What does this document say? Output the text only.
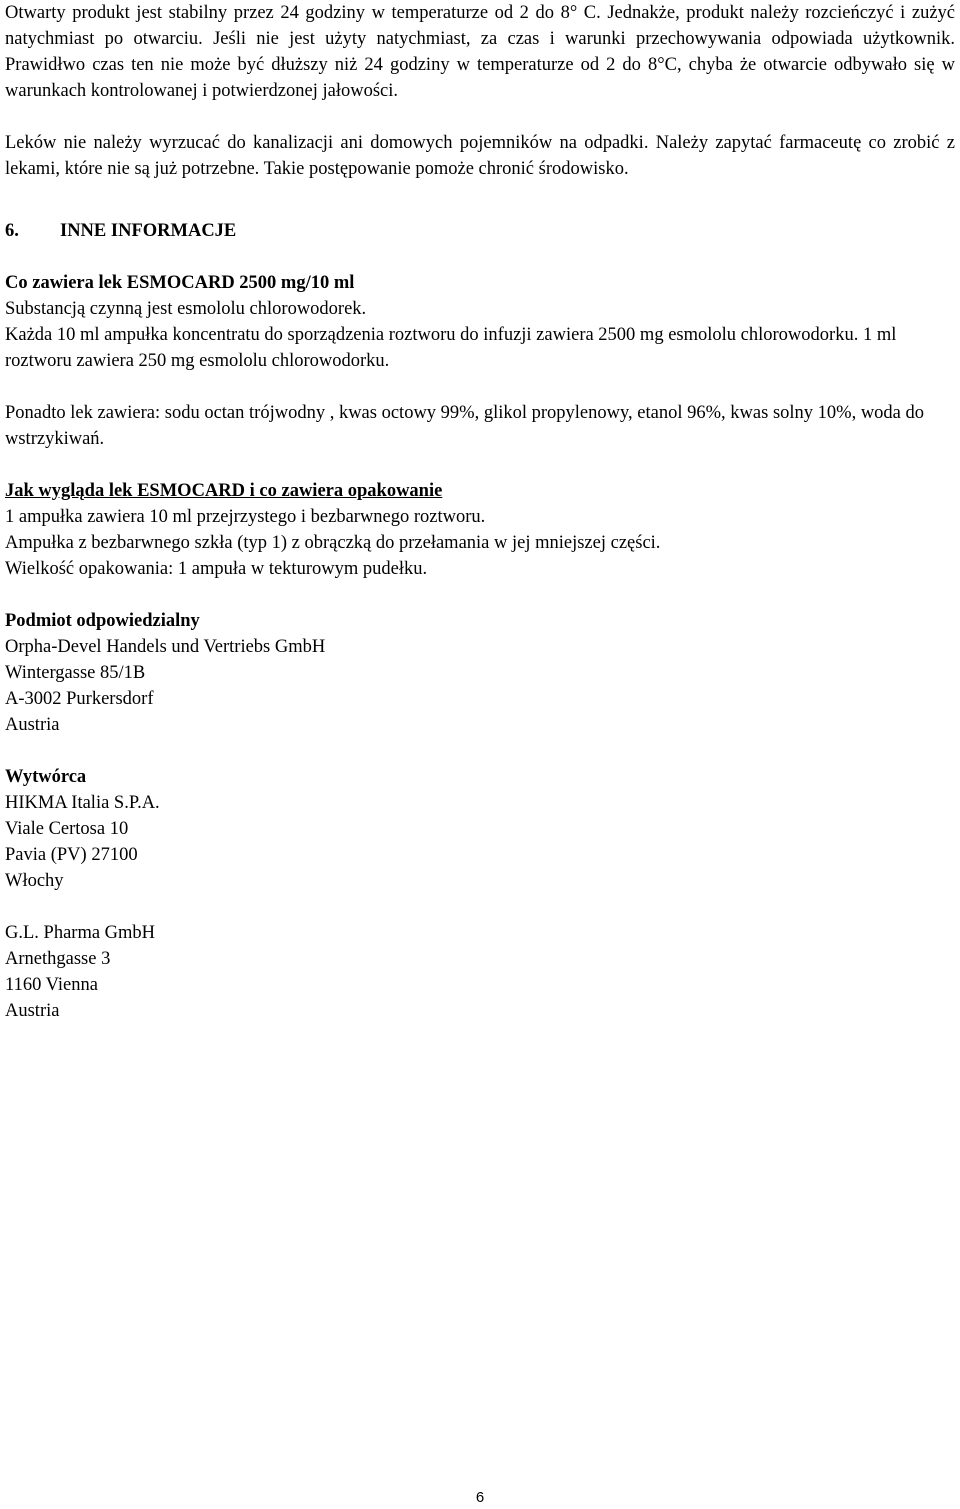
Otwarty produkt jest stabilny przez 24 godziny w temperaturze od 2 do 8° C. Jednakże, produkt należy rozcieńczyć i zużyć natychmiast po otwarciu. Jeśli nie jest użyty natychmiast, za czas i warunki przechowywania odpowiada użytkownik. Prawidłwo czas ten nie może być dłuższy niż 24 godziny w temperaturze od 2 do 8°C, chyba że otwarcie odbywało się w warunkach kontrolowanej i potwierdzonej jałowości.

Leków nie należy wyrzucać do kanalizacji ani domowych pojemników na odpadki. Należy zapytać farmaceutę co zrobić z lekami, które nie są już potrzebne. Takie postępowanie pomoże chronić środowisko.

6.	INNE INFORMACJE

Co zawiera lek ESMOCARD 2500 mg/10 ml

Substancją czynną jest esmololu chlorowodorek.

Każda 10 ml ampułka koncentratu do sporządzenia roztworu do infuzji zawiera 2500 mg esmololu chlorowodorku. 1 ml roztworu zawiera 250 mg esmololu chlorowodorku.

Ponadto lek zawiera: sodu octan trójwodny , kwas octowy 99%, glikol propylenowy, etanol 96%, kwas solny 10%, woda do wstrzykiwań.

Jak wygląda lek ESMOCARD i co zawiera opakowanie

1 ampułka zawiera 10 ml przejrzystego i bezbarwnego roztworu.

Ampułka z bezbarwnego szkła (typ 1) z obrączką do przełamania w jej mniejszej części.

Wielkość opakowania: 1 ampuła w tekturowym pudełku.

Podmiot odpowiedzialny

Orpha-Devel Handels und Vertriebs GmbH

Wintergasse 85/1B

A-3002 Purkersdorf

Austria

Wytwórca

HIKMA Italia S.P.A.

Viale Certosa 10

Pavia (PV) 27100

Włochy

G.L. Pharma GmbH

Arnethgasse 3

1160 Vienna

Austria

6
